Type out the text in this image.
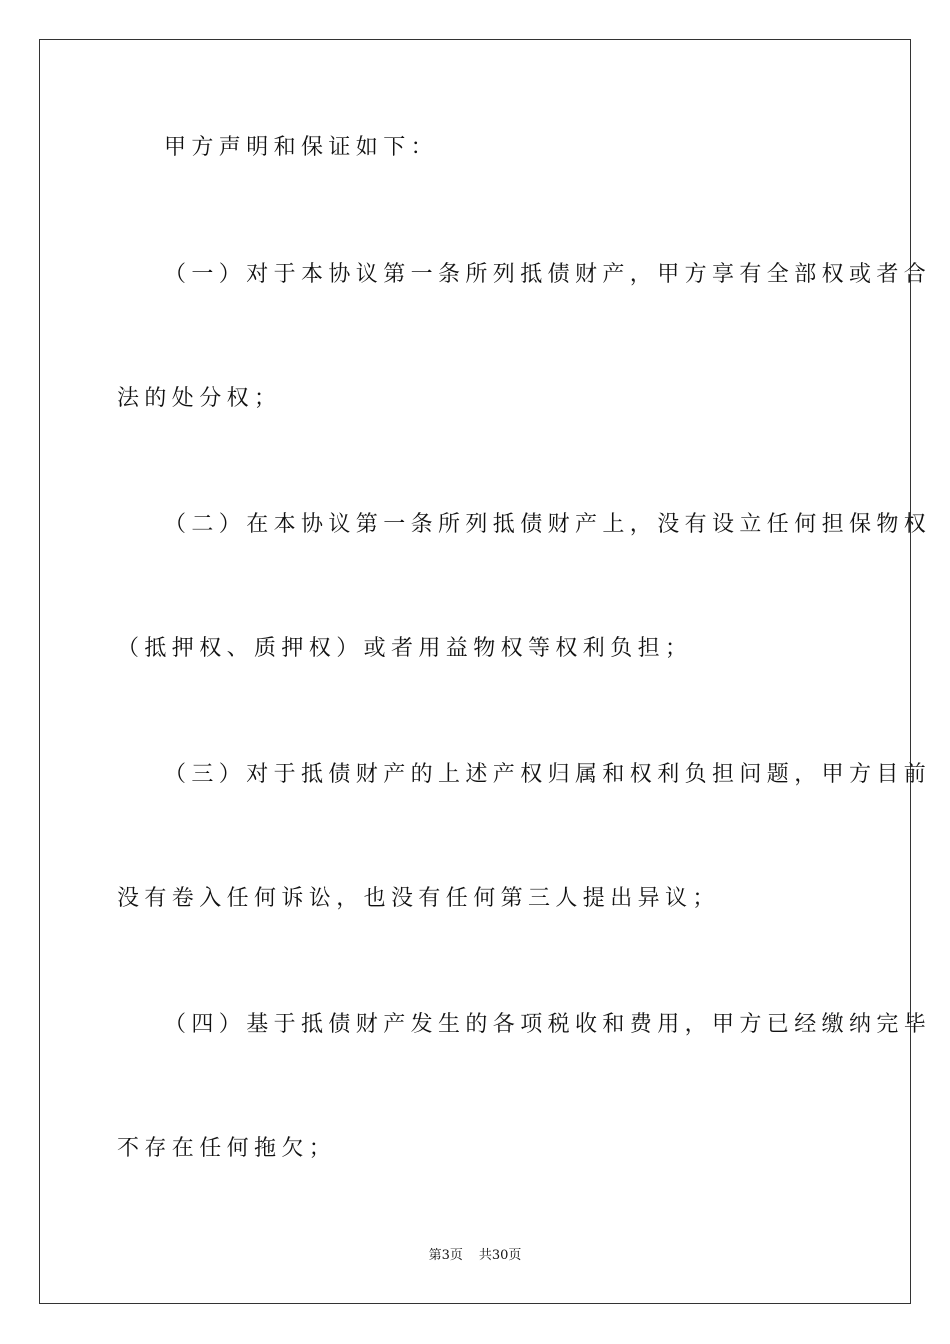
甲方声明和保证如下：
（一）对于本协议第一条所列抵债财产，甲方享有全部权或者合
法的处分权；
（二）在本协议第一条所列抵债财产上，没有设立任何担保物权
（抵押权、质押权）或者用益物权等权利负担；
（三）对于抵债财产的上述产权归属和权利负担问题，甲方目前
没有卷入任何诉讼，也没有任何第三人提出异议；
（四）基于抵债财产发生的各项税收和费用，甲方已经缴纳完毕
不存在任何拖欠；
第3页 共30页
